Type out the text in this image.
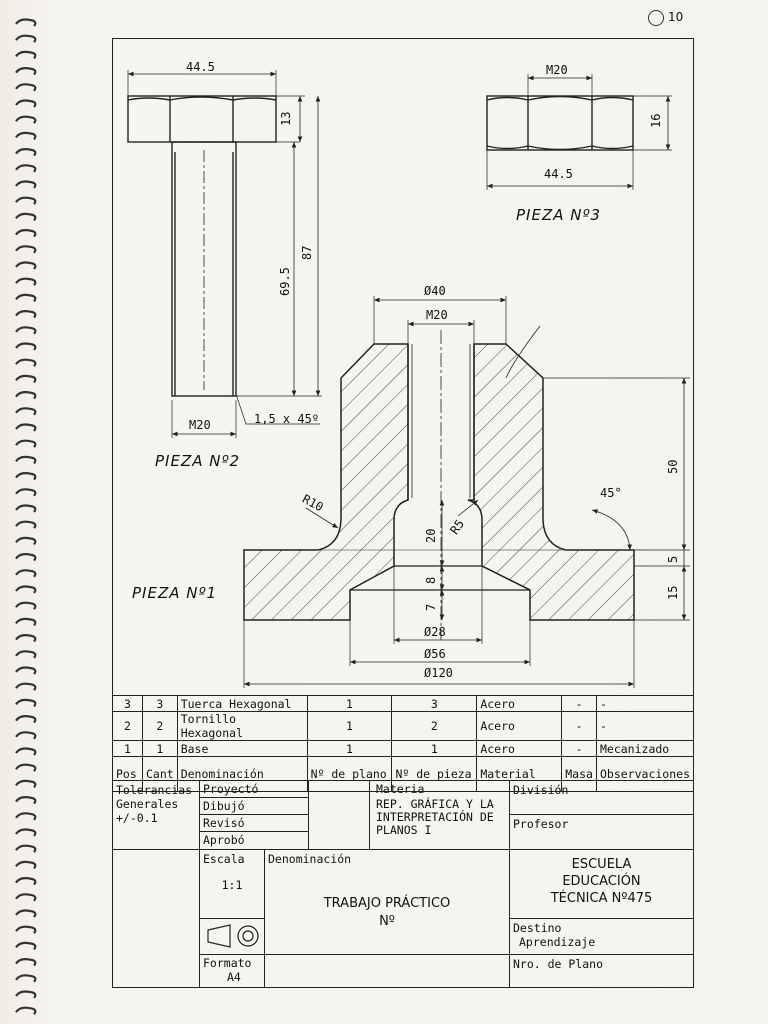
10
PIEZA Nº2
PIEZA Nº3
PIEZA Nº1
44.5
13
87
69.5
M20	1,5 x 45º
M20
16
44.5
Ø40
M20
R10
R5
45°
20
8
7
Ø28
Ø56
Ø120
50
5
15
3	3	Tuerca Hexagonal	1	3	Acero	-	-
2	2	Tornillo Hexagonal	1	2	Acero	-	-
1	1	Base	1	1	Acero	-	Mecanizado
Pos	Cant	Denominación	Nº de plano	Nº de pieza	Material	Masa	Observaciones
Tolerancias Generales +/-0.1
Proyectó
Dibujó
Revisó
Aprobó
Materia
REP. GRÁFICA Y LA INTERPRETACIÓN DE PLANOS I
División
Profesor
Escala
1:1
Denominación
TRABAJO PRÁCTICO
Nº
ESCUELA EDUCACIÓN TÉCNICA Nº475
Destino
Aprendizaje
Formato
A4
Nro. de Plano
